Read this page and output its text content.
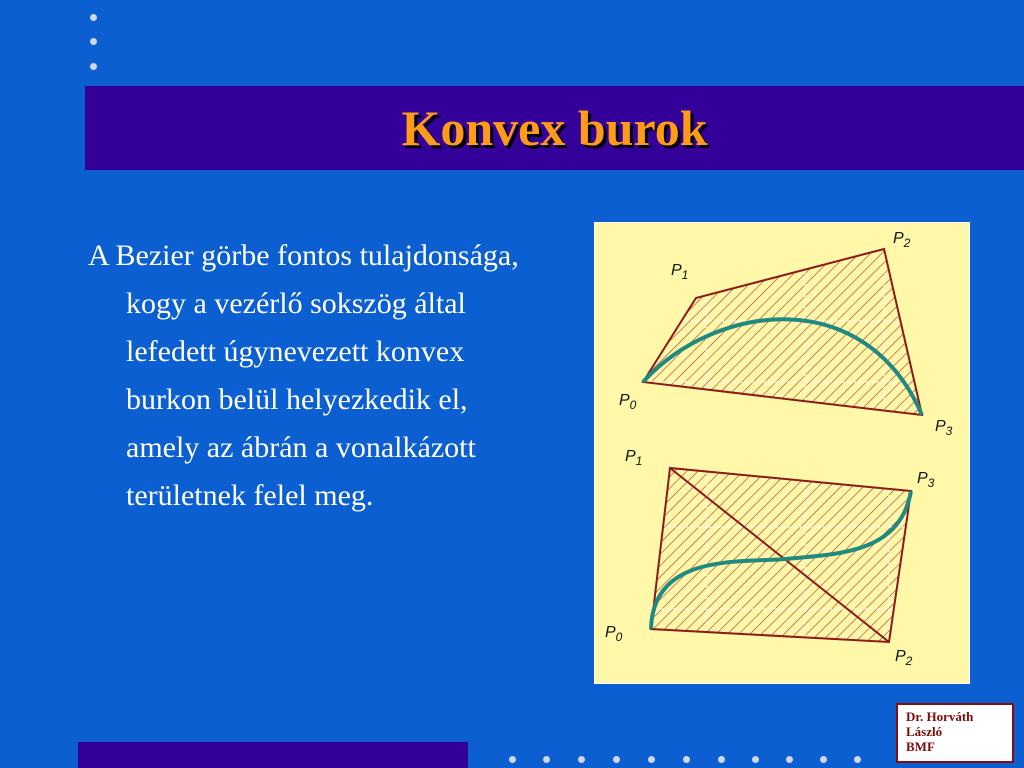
Konvex burok
A Bezier görbe fontos tulajdonsága, kogy a vezérlő sokszög által lefedett úgynevezett konvex burkon belül helyezkedik el, amely az ábrán a vonalkázott területnek felel meg.
$P_0$
$P_1$
$P_2$
$P_3$
$P_0$
$P_1$
$P_2$
$P_3$
Dr. Horváth
László
BMF
